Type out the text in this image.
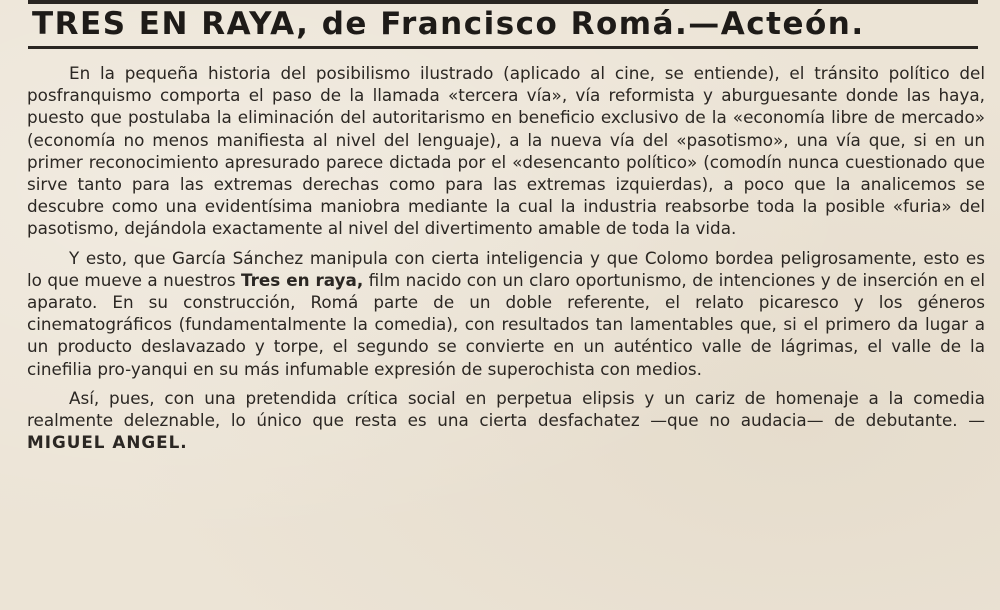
TRES EN RAYA, de Francisco Romá.—Acteón.

En la pequeña historia del posibilismo ilustrado (aplicado al cine, se entiende), el tránsito político del posfranquismo comporta el paso de la llamada «tercera vía», vía reformista y aburguesante donde las haya, puesto que postulaba la eliminación del autoritarismo en beneficio exclusivo de la «economía libre de mercado» (economía no menos manifiesta al nivel del lenguaje), a la nueva vía del «pasotismo», una vía que, si en un primer reconocimiento apresurado parece dictada por el «desencanto político» (comodín nunca cuestionado que sirve tanto para las extremas derechas como para las extremas izquierdas), a poco que la analicemos se descubre como una evidentísima maniobra mediante la cual la industria reabsorbe toda la posible «furia» del pasotismo, dejándola exactamente al nivel del divertimento amable de toda la vida.

Y esto, que García Sánchez manipula con cierta inteligencia y que Colomo bordea peligrosamente, esto es lo que mueve a nuestros Tres en raya, film nacido con un claro oportunismo, de intenciones y de inserción en el aparato. En su construcción, Romá parte de un doble referente, el relato picaresco y los géneros cinematográficos (fundamentalmente la comedia), con resultados tan lamentables que, si el primero da lugar a un producto deslavazado y torpe, el segundo se convierte en un auténtico valle de lágrimas, el valle de la cinefilia pro-yanqui en su más infumable expresión de superochista con medios.

Así, pues, con una pretendida crítica social en perpetua elipsis y un cariz de homenaje a la comedia realmente deleznable, lo único que resta es una cierta desfachatez —que no audacia— de debutante. — MIGUEL ANGEL.
